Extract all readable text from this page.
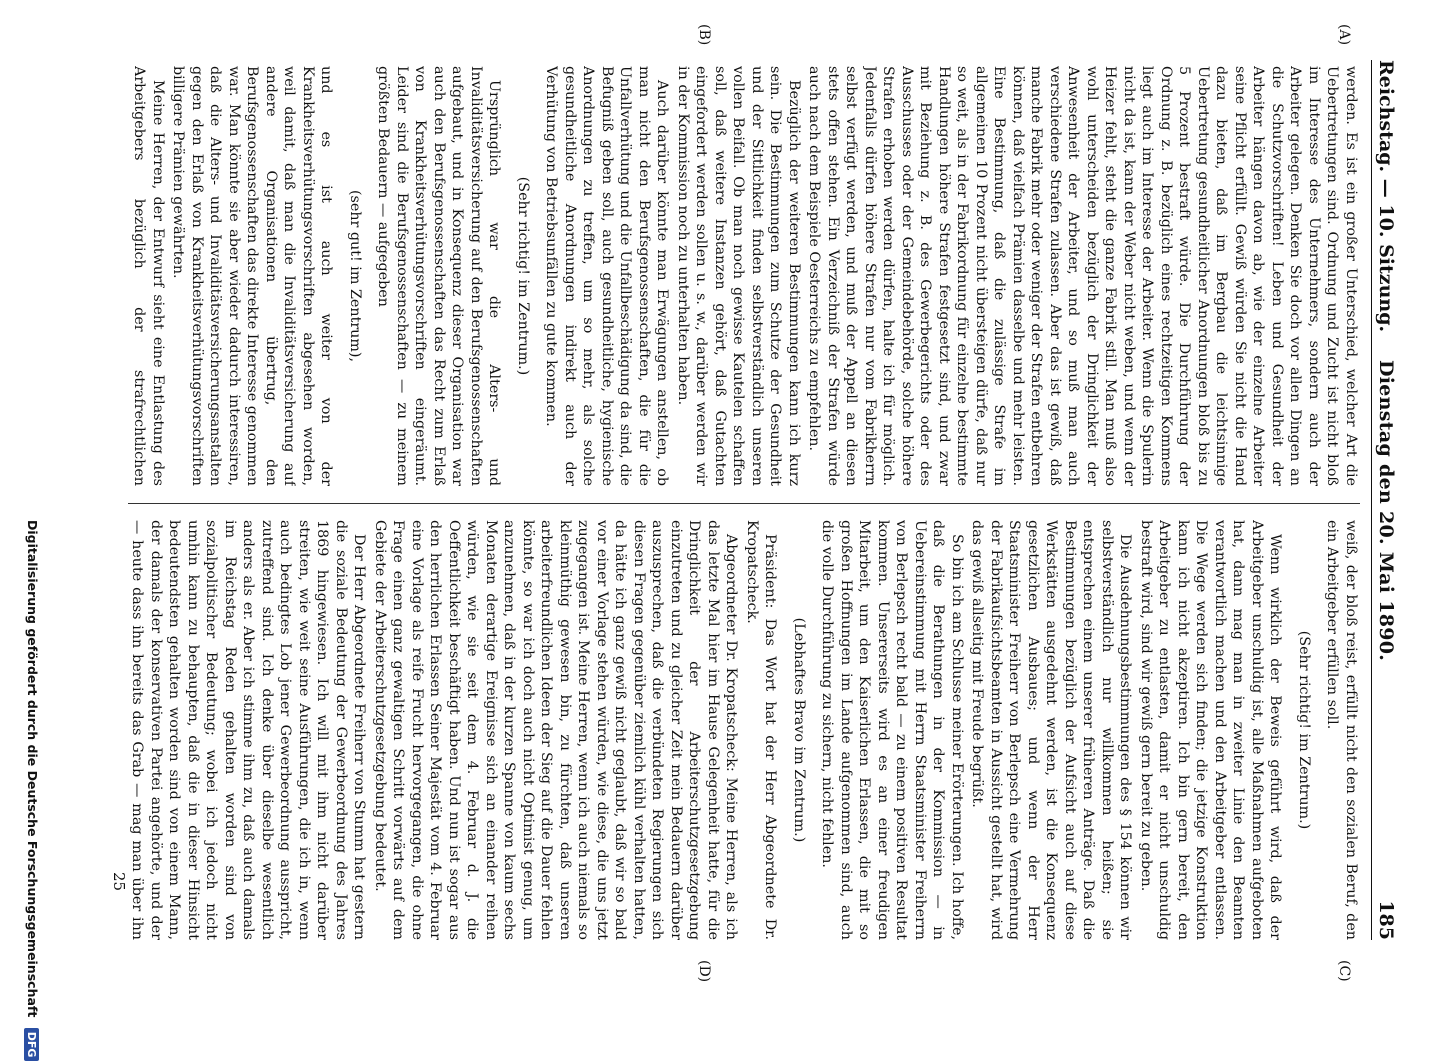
Reichstag. — 10. Sitzung.
Dienstag den 20. Mai 1890.
185
(A)
(B)
(C)
(D)

werden. Es ist ein großer Unterschied, welcher Art die Uebertretungen sind. Ordnung und Zucht ist nicht bloß im Interesse des Unternehmers, sondern auch der Arbeiter gelegen. Denken Sie doch vor allen Dingen an die Schutzvorschriften! Leben und Gesundheit der Arbeiter hängen davon ab, wie der einzelne Arbeiter seine Pflicht erfüllt. Gewiß würden Sie nicht die Hand dazu bieten, daß im Bergbau die leichtsinnige Uebertretung gesundheitlicher Anordnungen bloß bis zu 5 Prozent bestraft würde. Die Durchführung der Ordnung z. B. bezüglich eines rechtzeitigen Kommens liegt auch im Interesse der Arbeiter. Wenn die Spulerin nicht da ist, kann der Weber nicht weben, und wenn der Heizer fehlt, steht die ganze Fabrik still. Man muß also wohl unterscheiden bezüglich der Dringlichkeit der Anwesenheit der Arbeiter, und so muß man auch verschiedene Strafen zulassen. Aber das ist gewiß, daß manche Fabrik mehr oder weniger der Strafen entbehren können, daß vielfach Prämien dasselbe und mehr leisten. Eine Bestimmung, daß die zulässige Strafe im allgemeinen 10 Prozent nicht übersteigen dürfe, daß nur so weit, als in der Fabrikordnung für einzelne bestimmte Handlungen höhere Strafen festgesetzt sind, und zwar mit Beziehung z. B. des Gewerbegerichts oder des Ausschusses oder der Gemeindebehörde, solche höhere Strafen erhoben werden dürfen, halte ich für möglich. Jedenfalls dürfen höhere Strafen nur vom Fabrikherrn selbst verfügt werden, und muß der Appell an diesen stets offen stehen. Ein Verzeichniß der Strafen würde auch nach dem Beispiele Oesterreichs zu empfehlen.

Bezüglich der weiteren Bestimmungen kann ich kurz sein. Die Bestimmungen zum Schutze der Gesundheit und der Sittlichkeit finden selbstverständlich unseren vollen Beifall. Ob man noch gewisse Kautelen schaffen soll, daß weitere Instanzen gehört, daß Gutachten eingefordert werden sollen u. s. w., darüber werden wir in der Kommission noch zu unterhalten haben.

Auch darüber könnte man Erwägungen anstellen, ob man nicht den Berufsgenossenschaften, die für die Unfallverhütung und die Unfallbeschädigung da sind, die Befugniß geben soll, auch gesundheitliche, hygienische Anordnungen zu treffen, um so mehr, als solche gesundheitliche Anordnungen indirekt auch der Verhütung von Betriebsunfällen zu gute kommen.

(Sehr richtig! im Zentrum.)

Ursprünglich war die Alters- und Invaliditätsversicherung auf den Berufsgenossenschaften aufgebaut, und in Konsequenz dieser Organisation war auch den Berufsgenossenschaften das Recht zum Erlaß von Krankheitsverhütungsvorschriften eingeräumt. Leider sind die Berufsgenossenschaften — zu meinem größten Bedauern — aufgegeben

(sehr gut! im Zentrum),

und es ist auch weiter von der Krankheitsverhütungsvorschriften abgesehen worden, weil damit, daß man die Invaliditätsversicherung auf andere Organisationen übertrug, den Berufsgenossenschaften das direkte Interesse genommen war. Man könnte sie aber wieder dadurch interessiren, daß die Alters- und Invaliditätsversicherungsanstalten gegen den Erlaß von Krankheitsverhütungsvorschriften billigere Prämien gewährten.

Meine Herren, der Entwurf sieht eine Entlastung des Arbeitgebers bezüglich der strafrechtlichen

weiß, der bloß reist, erfüllt nicht den sozialen Beruf, den ein Arbeitgeber erfüllen soll.

(Sehr richtig! im Zentrum.)

Wenn wirklich der Beweis geführt wird, daß der Arbeitgeber unschuldig ist, alle Maßnahmen aufgeboten hat, dann mag man in zweiter Linie den Beamten verantwortlich machen und den Arbeitgeber entlassen. Die Wege werden sich finden; die jetzige Konstruktion kann ich nicht akzeptiren. Ich bin gern bereit, den Arbeitgeber zu entlasten, damit er nicht unschuldig bestraft wird, sind wir gewiß gern bereit zu geben.

Die Ausdehnungsbestimmungen des § 154 können wir selbstverständlich nur willkommen heißen; sie entsprechen einem unserer früheren Anträge. Daß die Bestimmungen bezüglich der Aufsicht auch auf diese Werkstätten ausgedehnt werden, ist die Konsequenz gesetzlichen Ausbaues; und wenn der Herr Staatsminister Freiherr von Berlepsch eine Vermehrung der Fabrikaufsichtsbeamten in Aussicht gestellt hat, wird das gewiß allseitig mit Freude begrüßt.

So bin ich am Schlusse meiner Erörterungen. Ich hoffe, daß die Berathungen in der Kommission — in Uebereinstimmung mit Herrn Staatsminister Freiherrn von Berlepsch recht bald — zu einem positiven Resultat kommen. Unsererseits wird es an einer freudigen Mitarbeit, um den Kaiserlichen Erlassen, die mit so großen Hoffnungen im Lande aufgenommen sind, auch die volle Durchführung zu sichern, nicht fehlen.

(Lebhaftes Bravo im Zentrum.)

Präsident: Das Wort hat der Herr Abgeordnete Dr. Kropatscheck.

Abgeordneter Dr. Kropatscheck: Meine Herren, als ich das letzte Mal hier im Hause Gelegenheit hatte, für die Dringlichkeit der Arbeiterschutzgesetzgebung einzutreten und zu gleicher Zeit mein Bedauern darüber auszusprechen, daß die verbündeten Regierungen sich diesen Fragen gegenüber ziemlich kühl verhalten hatten, da hätte ich ganz gewiß nicht geglaubt, daß wir so bald vor einer Vorlage stehen würden, wie diese, die uns jetzt zugegangen ist. Meine Herren, wenn ich auch niemals so kleinmüthig gewesen bin, zu fürchten, daß unseren arbeiterfreundlichen Ideen der Sieg auf die Dauer fehlen könnte, so war ich doch auch nicht Optimist genug, um anzunehmen, daß in der kurzen Spanne von kaum sechs Monaten derartige Ereignisse sich an einander reihen würden, wie sie seit dem 4. Februar d. J. die Oeffentlichkeit beschäftigt haben. Und nun ist sogar aus den herrlichen Erlassen Seiner Majestät vom 4. Februar eine Vorlage als reife Frucht hervorgegangen, die ohne Frage einen ganz gewaltigen Schritt vorwärts auf dem Gebiete der Arbeiterschutzgesetzgebung bedeutet.

Der Herr Abgeordnete Freiherr von Stumm hat gestern die soziale Bedeutung der Gewerbeordnung des Jahres 1869 hingewiesen. Ich will mit ihm nicht darüber streiten, wie weit seine Ausführungen, die ich in, wenn auch bedingtes Lob jener Gewerbeordnung ausspricht, zutreffend sind. Ich denke über dieselbe wesentlich anders als er. Aber ich stimme ihm zu, daß auch damals im Reichstag Reden gehalten worden sind von sozialpolitischer Bedeutung; wobei ich jedoch nicht umhin kann zu behaupten, daß die in dieser Hinsicht bedeutendsten gehalten worden sind von einem Mann, der damals der konservativen Partei angehörte, und der — heute dass ihn bereits das Grab — mag man über ihn

25
Digitalisierung gefördert durch die Deutsche Forschungsgemeinschaft DFG
